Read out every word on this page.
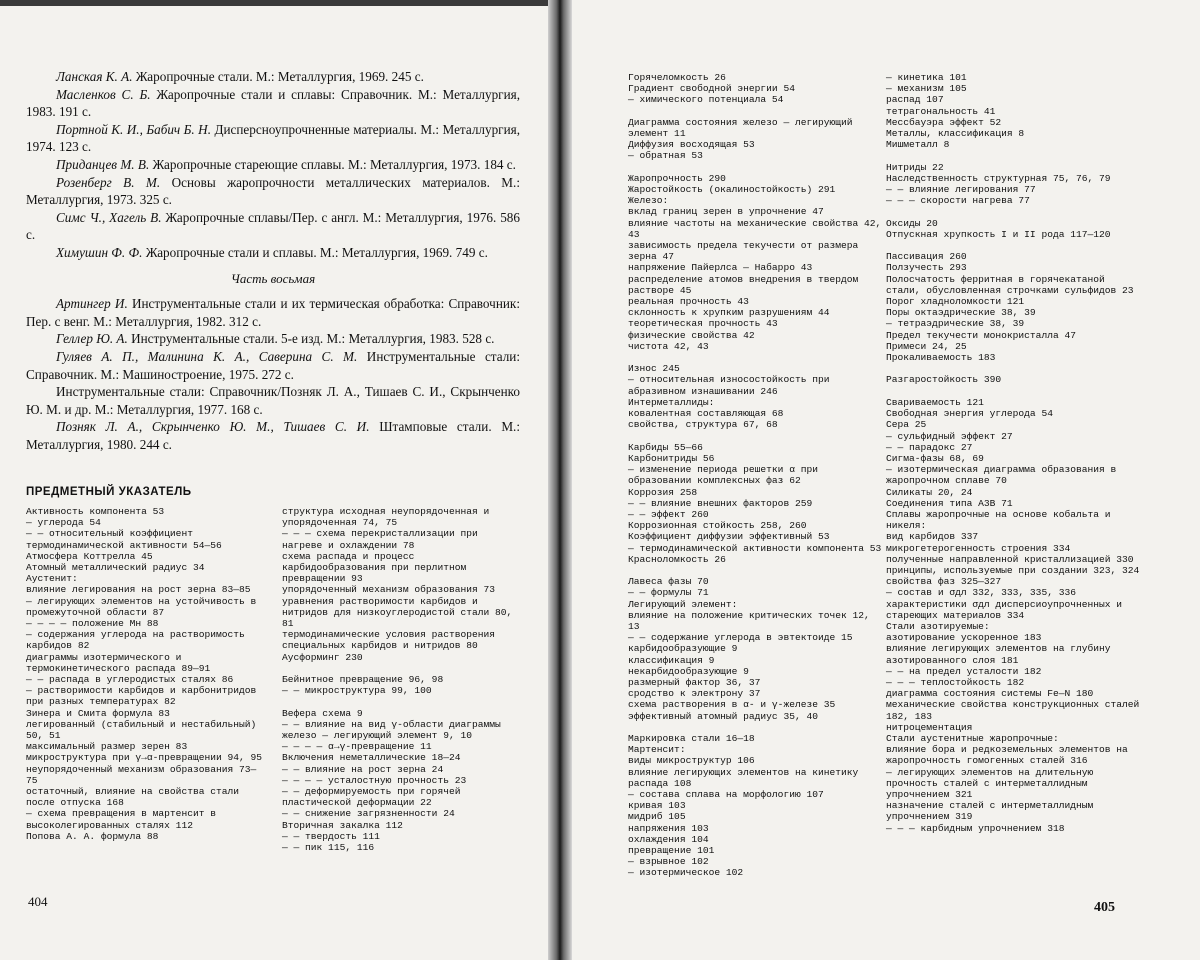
Ланская К. А. Жаропрочные стали. М.: Металлургия, 1969. 245 с.

Масленков С. Б. Жаропрочные стали и сплавы: Справочник. М.: Металлургия, 1983. 191 с.

Портной К. И., Бабич Б. Н. Дисперсноупрочненные материалы. М.: Металлургия, 1974. 123 с.

Приданцев М. В. Жаропрочные стареющие сплавы. М.: Металлургия, 1973. 184 с.

Розенберг В. М. Основы жаропрочности металлических материалов. М.: Металлургия, 1973. 325 с.

Симс Ч., Хагель В. Жаропрочные сплавы/Пер. с англ. М.: Металлургия, 1976. 586 с.

Химушин Ф. Ф. Жаропрочные стали и сплавы. М.: Металлургия, 1969. 749 с.

Часть восьмая

Артингер И. Инструментальные стали и их термическая обработка: Справочник: Пер. с венг. М.: Металлургия, 1982. 312 с.

Геллер Ю. А. Инструментальные стали. 5-е изд. М.: Металлургия, 1983. 528 с.

Гуляев А. П., Малинина К. А., Саверина С. М. Инструментальные стали: Справочник. М.: Машиностроение, 1975. 272 с.

Инструментальные стали: Справочник/Позняк Л. А., Тишаев С. И., Скрынченко Ю. М. и др. М.: Металлургия, 1977. 168 с.

Позняк Л. А., Скрынченко Ю. М., Тишаев С. И. Штамповые стали. М.: Металлургия, 1980. 244 с.

ПРЕДМЕТНЫЙ УКАЗАТЕЛЬ
Активность компонента 53
— углерода 54
— — относительный коэффициент термодинамической активности 54—56
Атмосфера Коттрелла 45
Атомный металлический радиус 34
Аустенит:
влияние легирования на рост зерна 83—85
— легирующих элементов на устойчивость в промежуточной области 87
— — — — положение Мн 88
— содержания углерода на растворимость карбидов 82
диаграммы изотермического и термокинетического распада 89—91
— — распада в углеродистых сталях 86
— растворимости карбидов и карбонитридов при разных температурах 82
Зинера и Смита формула 83
легированный (стабильный и нестабильный) 50, 51
максимальный размер зерен 83
микроструктура при γ→α-превращении 94, 95
неупорядоченный механизм образования 73—75
остаточный, влияние на свойства стали после отпуска 168
— схема превращения в мартенсит в высоколегированных сталях 112
Попова А. А. формула 88
структура исходная неупорядоченная и упорядоченная 74, 75
— — — схема перекристаллизации при нагреве и охлаждении 78
схема распада и процесс карбидообразования при перлитном превращении 93
упорядоченный механизм образования 73
уравнения растворимости карбидов и нитридов для низкоуглеродистой стали 80, 81
термодинамические условия растворения специальных карбидов и нитридов 80
Аусформинг 230

Бейнитное превращение 96, 98
— — микроструктура 99, 100

Вефера схема 9
— — влияние на вид γ-области диаграммы железо — легирующий элемент 9, 10
— — — — α→γ-превращение 11
Включения неметаллические 18—24
— — влияние на рост зерна 24
— — — — усталостную прочность 23
— — деформируемость при горячей пластической деформации 22
— — снижение загрязненности 24
Вторичная закалка 112
— — твердость 111
— — пик 115, 116
404
Горячеломкость 26
Градиент свободной энергии 54
— химического потенциала 54

Диаграмма состояния железо — легирующий элемент 11
Диффузия восходящая 53
— обратная 53

Жаропрочность 290
Жаростойкость (окалиностойкость) 291
Железо:
вклад границ зерен в упрочнение 47
влияние частоты на механические свойства 42, 43
зависимость предела текучести от размера зерна 47
напряжение Пайерлса — Набарро 43
распределение атомов внедрения в твердом растворе 45
реальная прочность 43
склонность к хрупким разрушениям 44
теоретическая прочность 43
физические свойства 42
чистота 42, 43

Износ 245
— относительная износостойкость при абразивном изнашивании 246
Интерметаллиды:
ковалентная составляющая 68
свойства, структура 67, 68

Карбиды 55—66
Карбонитриды 56
— изменение периода решетки α при образовании комплексных фаз 62
Коррозия 258
— — влияние внешних факторов 259
— — эффект 260
Коррозионная стойкость 258, 260
Коэффициент диффузии эффективный 53
— термодинамической активности компонента 53
Красноломкость 26

Лавеса фазы 70
— — формулы 71
Легирующий элемент:
влияние на положение критических точек 12, 13
— — содержание углерода в эвтектоиде 15
карбидообразующие 9
классификация 9
некарбидообразующие 9
размерный фактор 36, 37
сродство к электрону 37
схема растворения в α- и γ-железе 35
эффективный атомный радиус 35, 40

Маркировка стали 16—18
Мартенсит:
виды микроструктур 106
влияние легирующих элементов на кинетику распада 108
— состава сплава на морфологию 107
кривая 103
мидриб 105
напряжения 103
охлаждения 104
превращение 101
— взрывное 102
— изотермическое 102
— кинетика 101
— механизм 105
распад 107
тетрагональность 41
Мессбауэра эффект 52
Металлы, классификация 8
Мишметалл 8

Нитриды 22
Наследственность структурная 75, 76, 79
— — влияние легирования 77
— — — скорости нагрева 77

Оксиды 20
Отпускная хрупкость I и II рода 117—120

Пассивация 260
Ползучесть 293
Полосчатость ферритная в горячекатаной стали, обусловленная строчками сульфидов 23
Порог хладноломкости 121
Поры октаэдрические 38, 39
— тетраэдрические 38, 39
Предел текучести монокристалла 47
Примеси 24, 25
Прокаливаемость 183

Разгаростойкость 390

Свариваемость 121
Свободная энергия углерода 54
Сера 25
— сульфидный эффект 27
— — парадокс 27
Сигма-фазы 68, 69
— изотермическая диаграмма образования в жаропрочном сплаве 70
Силикаты 20, 24
Соединения типа A3B 71
Сплавы жаропрочные на основе кобальта и никеля:
вид карбидов 337
микрогетерогенность строения 334
полученные направленной кристаллизацией 330
принципы, используемые при создании 323, 324
свойства фаз 325—327
— состав и σдл 332, 333, 335, 336
характеристики σдл дисперсиоупрочненных и стареющих материалов 334
Стали азотируемые:
азотирование ускоренное 183
влияние легирующих элементов на глубину азотированного слоя 181
— — на предел усталости 182
— — — теплостойкость 182
диаграмма состояния системы Fe—N 180
механические свойства конструкционных сталей 182, 183
нитроцементация
Стали аустенитные жаропрочные:
влияние бора и редкоземельных элементов на жаропрочность гомогенных сталей 316
— легирующих элементов на длительную прочность сталей с интерметаллидным упрочнением 321
назначение сталей с интерметаллидным упрочнением 319
— — — карбидным упрочнением 318
405
